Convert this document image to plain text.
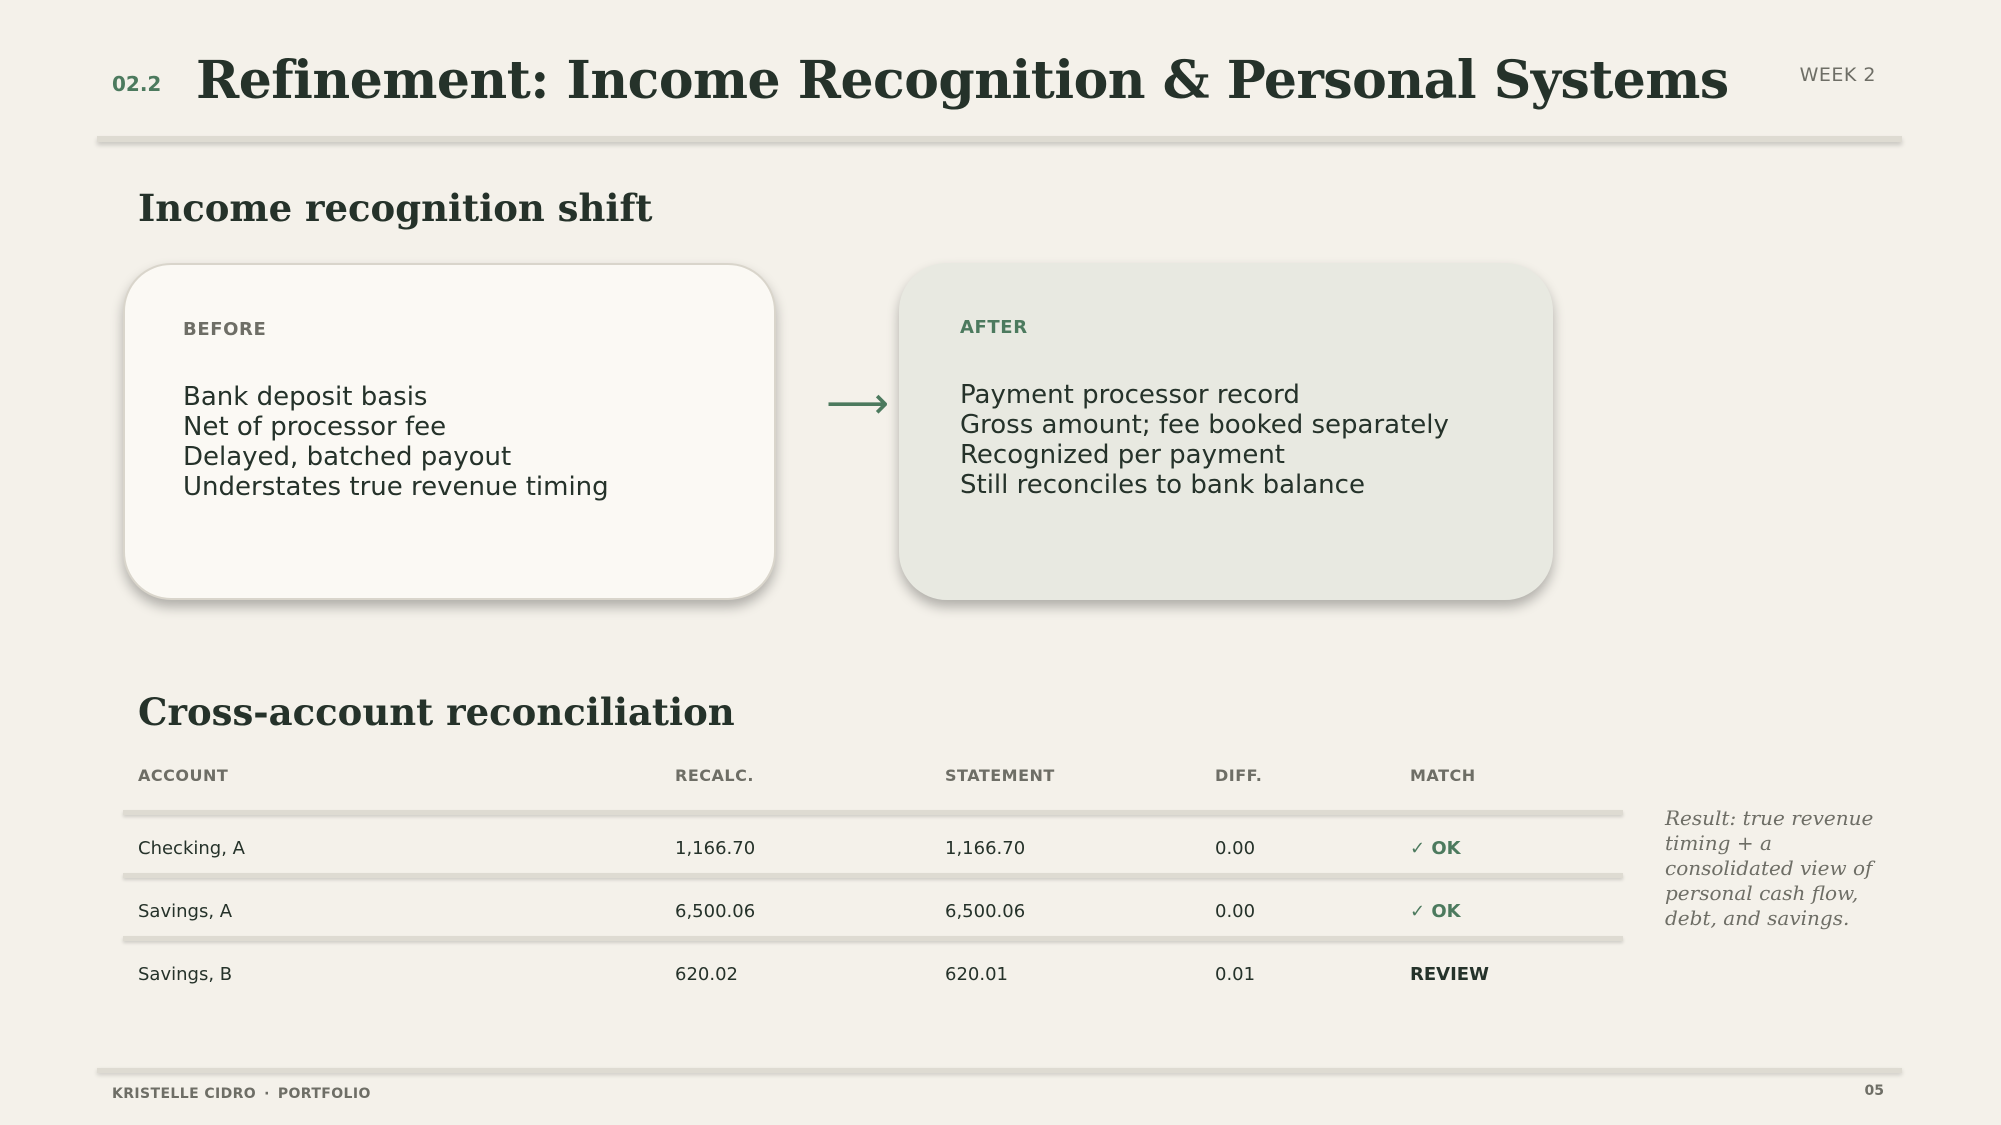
02.2 Refinement: Income Recognition & Personal Systems	WEEK 2
Income recognition shift
BEFORE
Bank deposit basis
Net of processor fee
Delayed, batched payout
Understates true revenue timing
⟶
AFTER
Payment processor record
Gross amount; fee booked separately
Recognized per payment
Still reconciles to bank balance
Cross-account reconciliation
ACCOUNT	RECALC.	STATEMENT	DIFF.	MATCH
Checking, A	1,166.70	1,166.70	0.00	✓ OK
Savings, A	6,500.06	6,500.06	0.00	✓ OK
Savings, B	620.02	620.01	0.01	REVIEW

Result: true revenue timing + a consolidated view of personal cash flow, debt, and savings.

KRISTELLE CIDRO · PORTFOLIO	05
